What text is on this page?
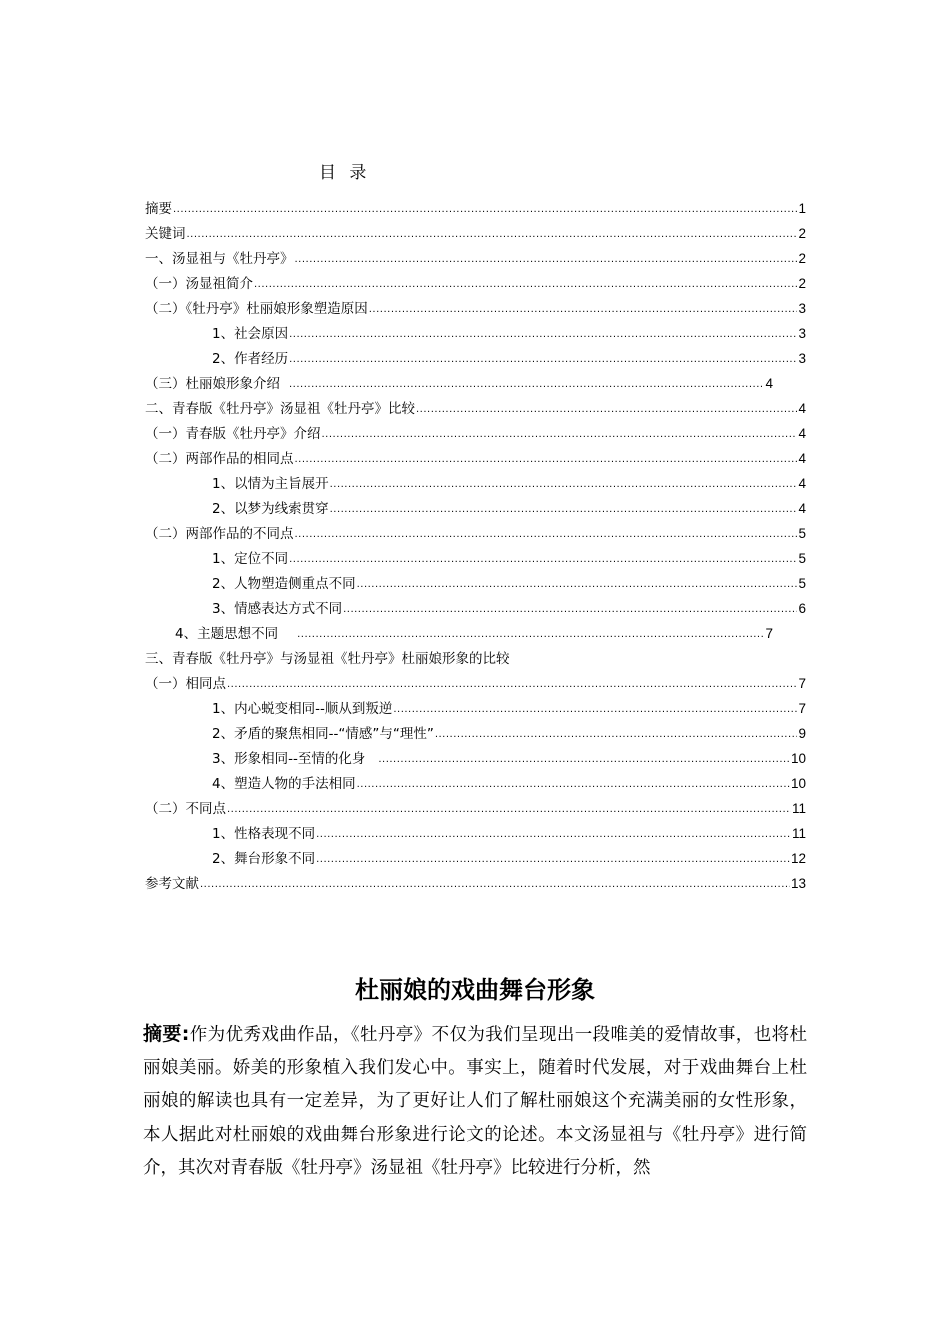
目 录
摘要 .....	1
关键词 .....	2
一、汤显祖与《牡丹亭》 .....	2
（一）汤显祖简介 .....	2
（二）《牡丹亭》杜丽娘形象塑造原因 .....	3
1、社会原因 .....	3
2、作者经历 .....	3
（三）杜丽娘形象介绍 .....	4
二、青春版《牡丹亭》汤显祖《牡丹亭》比较 .....	4
（一）青春版《牡丹亭》介绍 .....	4
（二）两部作品的相同点 .....	4
1、以情为主旨展开 .....	4
2、以梦为线索贯穿 .....	4
（二）两部作品的不同点 .....	5
1、定位不同 .....	5
2、人物塑造侧重点不同 .....	5
3、情感表达方式不同 .....	6
4、主题思想不同 .....	7
三、青春版《牡丹亭》与汤显祖《牡丹亭》杜丽娘形象的比较
（一）相同点 .....	7
1、内心蜕变相同--顺从到叛逆 .....	7
2、矛盾的聚焦相同--“情感”与“理性” .....	9
3、形象相同--至情的化身 .....	10
4、塑造人物的手法相同 .....	10
（二）不同点 .....	11
1、性格表现不同 .....	11
2、舞台形象不同 .....	12
参考文献 .....	13
杜丽娘的戏曲舞台形象
摘要:作为优秀戏曲作品，《牡丹亭》不仅为我们呈现出一段唯美的爱情故事，也将杜丽娘美丽。娇美的形象植入我们发心中。事实上，随着时代发展，对于戏曲舞台上杜丽娘的解读也具有一定差异，为了更好让人们了解杜丽娘这个充满美丽的女性形象，本人据此对杜丽娘的戏曲舞台形象进行论文的论述。本文汤显祖与《牡丹亭》进行简介，其次对青春版《牡丹亭》汤显祖《牡丹亭》比较进行分析，然
